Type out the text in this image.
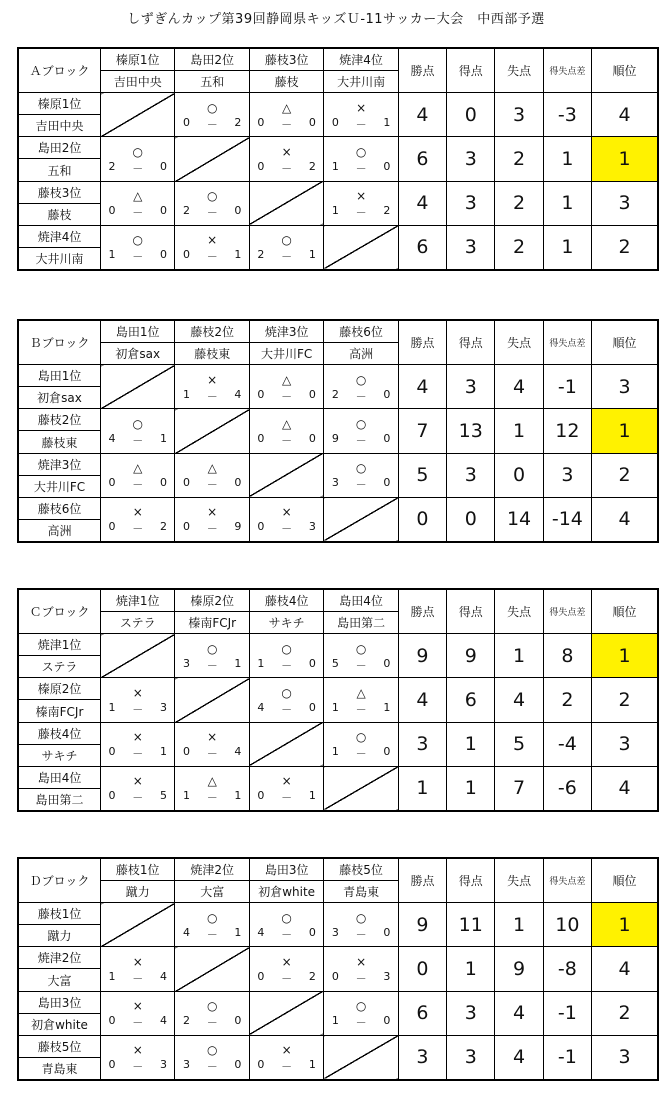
しずぎんカップ第39回静岡県キッズＵ-11サッカー大会　中西部予選
Ａブロック	榛原1位	島田2位	藤枝3位	焼津4位	勝点	得点	失点	得失点差	順位
	吉田中央	五和	藤枝	大井川南					
榛原1位		○	△	×	4	0	3	-3	4
吉田中央		0 － 2	0 － 0	0 － 1					

島田2位	○		×	○	6	3	2	1	1
五和	2 － 0		0 － 2	1 － 0					

藤枝3位	△	○		×	4	3	2	1	3
藤枝	0 － 0	2 － 0		1 － 2					

焼津4位	○	×	○		6	3	2	1	2
大井川南	1 － 0	0 － 1	2 － 1						
Ｂブロック	島田1位	藤枝2位	焼津3位	藤枝6位	勝点	得点	失点	得失点差	順位
	初倉sax	藤枝東	大井川FC	高洲					
島田1位		×	△	○	4	3	4	-1	3
初倉sax		1 － 4	0 － 0	2 － 0					

藤枝2位	○		△	○	7	13	1	12	1
藤枝東	4 － 1		0 － 0	9 － 0					

焼津3位	△	△		○	5	3	0	3	2
大井川FC	0 － 0	0 － 0		3 － 0					

藤枝6位	×	×	×		0	0	14	-14	4
高洲	0 － 2	0 － 9	0 － 3						
Ｃブロック	焼津1位	榛原2位	藤枝4位	島田4位	勝点	得点	失点	得失点差	順位
	ステラ	榛南FCJr	サキチ	島田第二					
焼津1位		○	○	○	9	9	1	8	1
ステラ		3 － 1	1 － 0	5 － 0					

榛原2位	×		○	△	4	6	4	2	2
榛南FCJr	1 － 3		4 － 0	1 － 1					

藤枝4位	×	×		○	3	1	5	-4	3
サキチ	0 － 1	0 － 4		1 － 0					

島田4位	×	△	×		1	1	7	-6	4
島田第二	0 － 5	1 － 1	0 － 1						
Ｄブロック	藤枝1位	焼津2位	島田3位	藤枝5位	勝点	得点	失点	得失点差	順位
	蹴力	大富	初倉white	青島東					
藤枝1位		○	○	○	9	11	1	10	1
蹴力		4 － 1	4 － 0	3 － 0					

焼津2位	×		×	×	0	1	9	-8	4
大富	1 － 4		0 － 2	0 － 3					

島田3位	×	○		○	6	3	4	-1	2
初倉white	0 － 4	2 － 0		1 － 0					

藤枝5位	×	○	×		3	3	4	-1	3
青島東	0 － 3	3 － 0	0 － 1						
